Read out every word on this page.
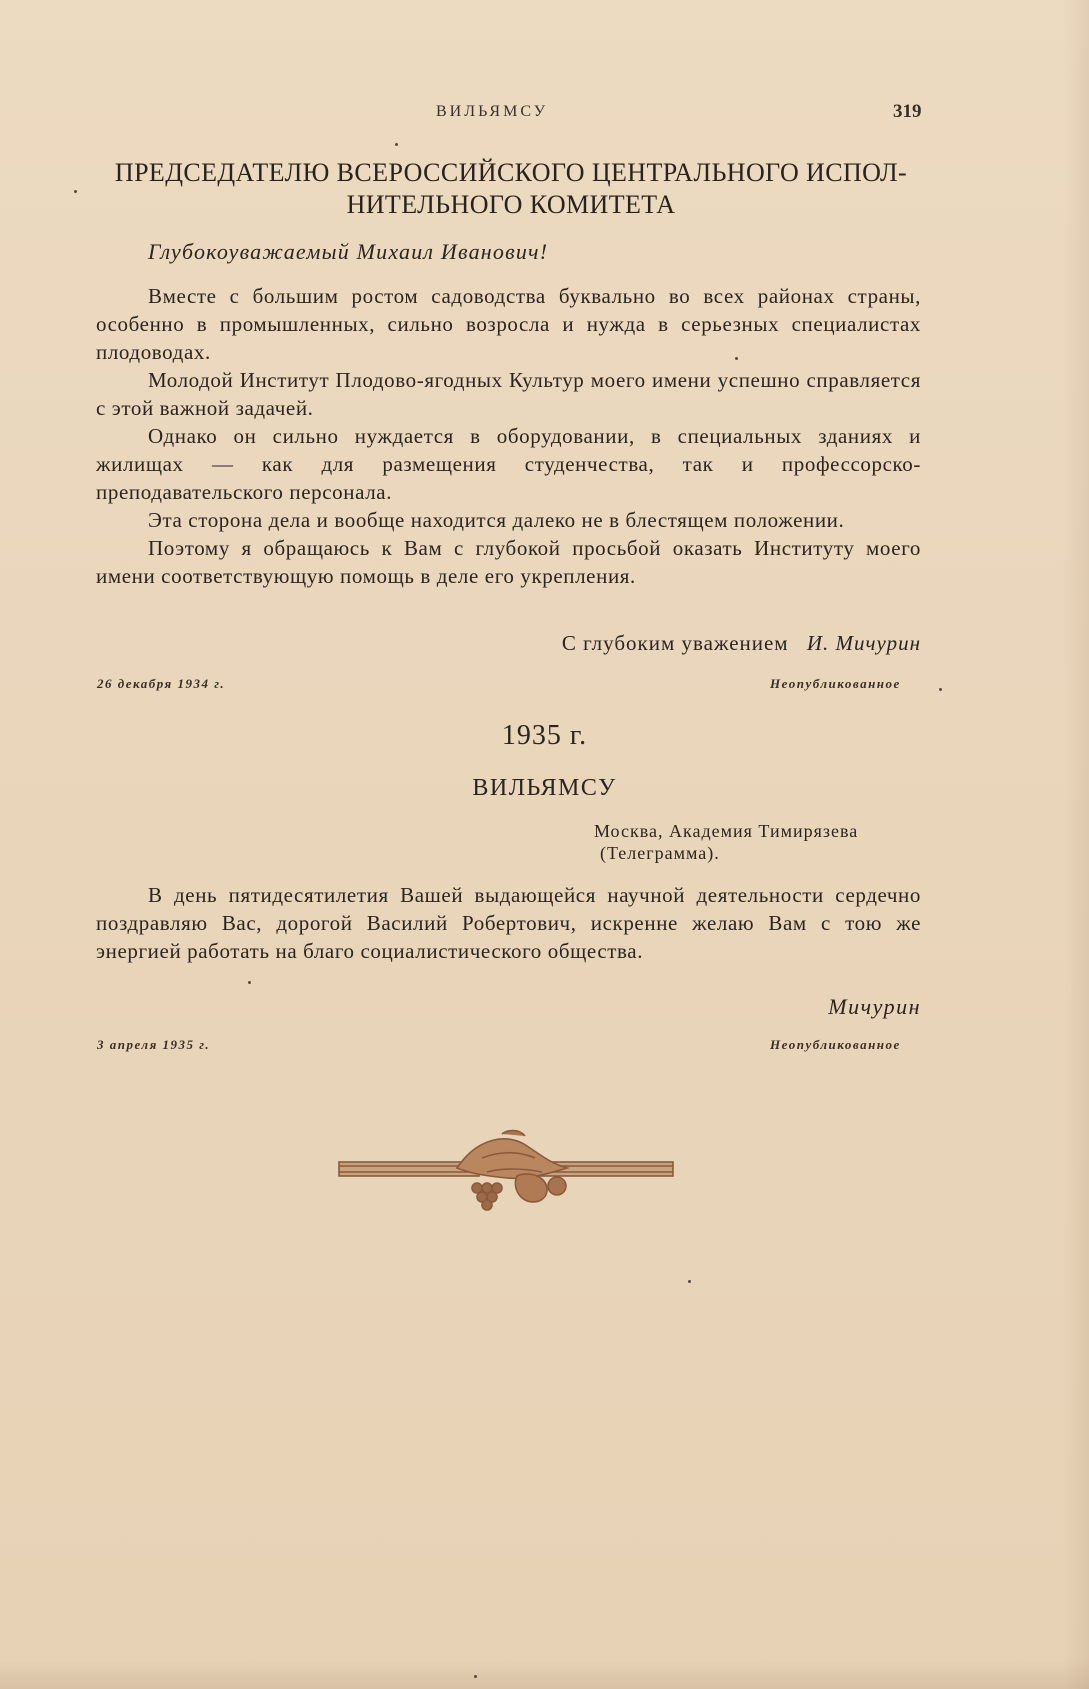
ВИЛЬЯМСУ	319
ПРЕДСЕДАТЕЛЮ ВСЕРОССИЙСКОГО ЦЕНТРАЛЬНОГО ИСПОЛ-
НИТЕЛЬНОГО КОМИТЕТА
Глубокоуважаемый Михаил Иванович!

Вместе с большим ростом садоводства буквально во всех районах страны, особенно в промышленных, сильно возросла и нужда в серьезных специалистах плодоводах.

Молодой Институт Плодово-ягодных Культур моего имени успешно справляется с этой важной задачей.

Однако он сильно нуждается в оборудовании, в специальных зданиях и жилищах — как для размещения студенчества, так и профессорско-преподавательского персонала.

Эта сторона дела и вообще находится далеко не в блестящем положении.

Поэтому я обращаюсь к Вам с глубокой просьбой оказать Институту моего имени соответствующую помощь в деле его укрепления.

С глубоким уважением И. Мичурин
26 декабря 1934 г.	Неопубликованное
1935 г.
ВИЛЬЯМСУ
Москва, Академия Тимирязева
(Телеграмма).

В день пятидесятилетия Вашей выдающейся научной деятельности сердечно поздравляю Вас, дорогой Василий Робертович, искренне желаю Вам с тою же энергией работать на благо социалистического общества.

Мичурин
3 апреля 1935 г.	Неопубликованное
